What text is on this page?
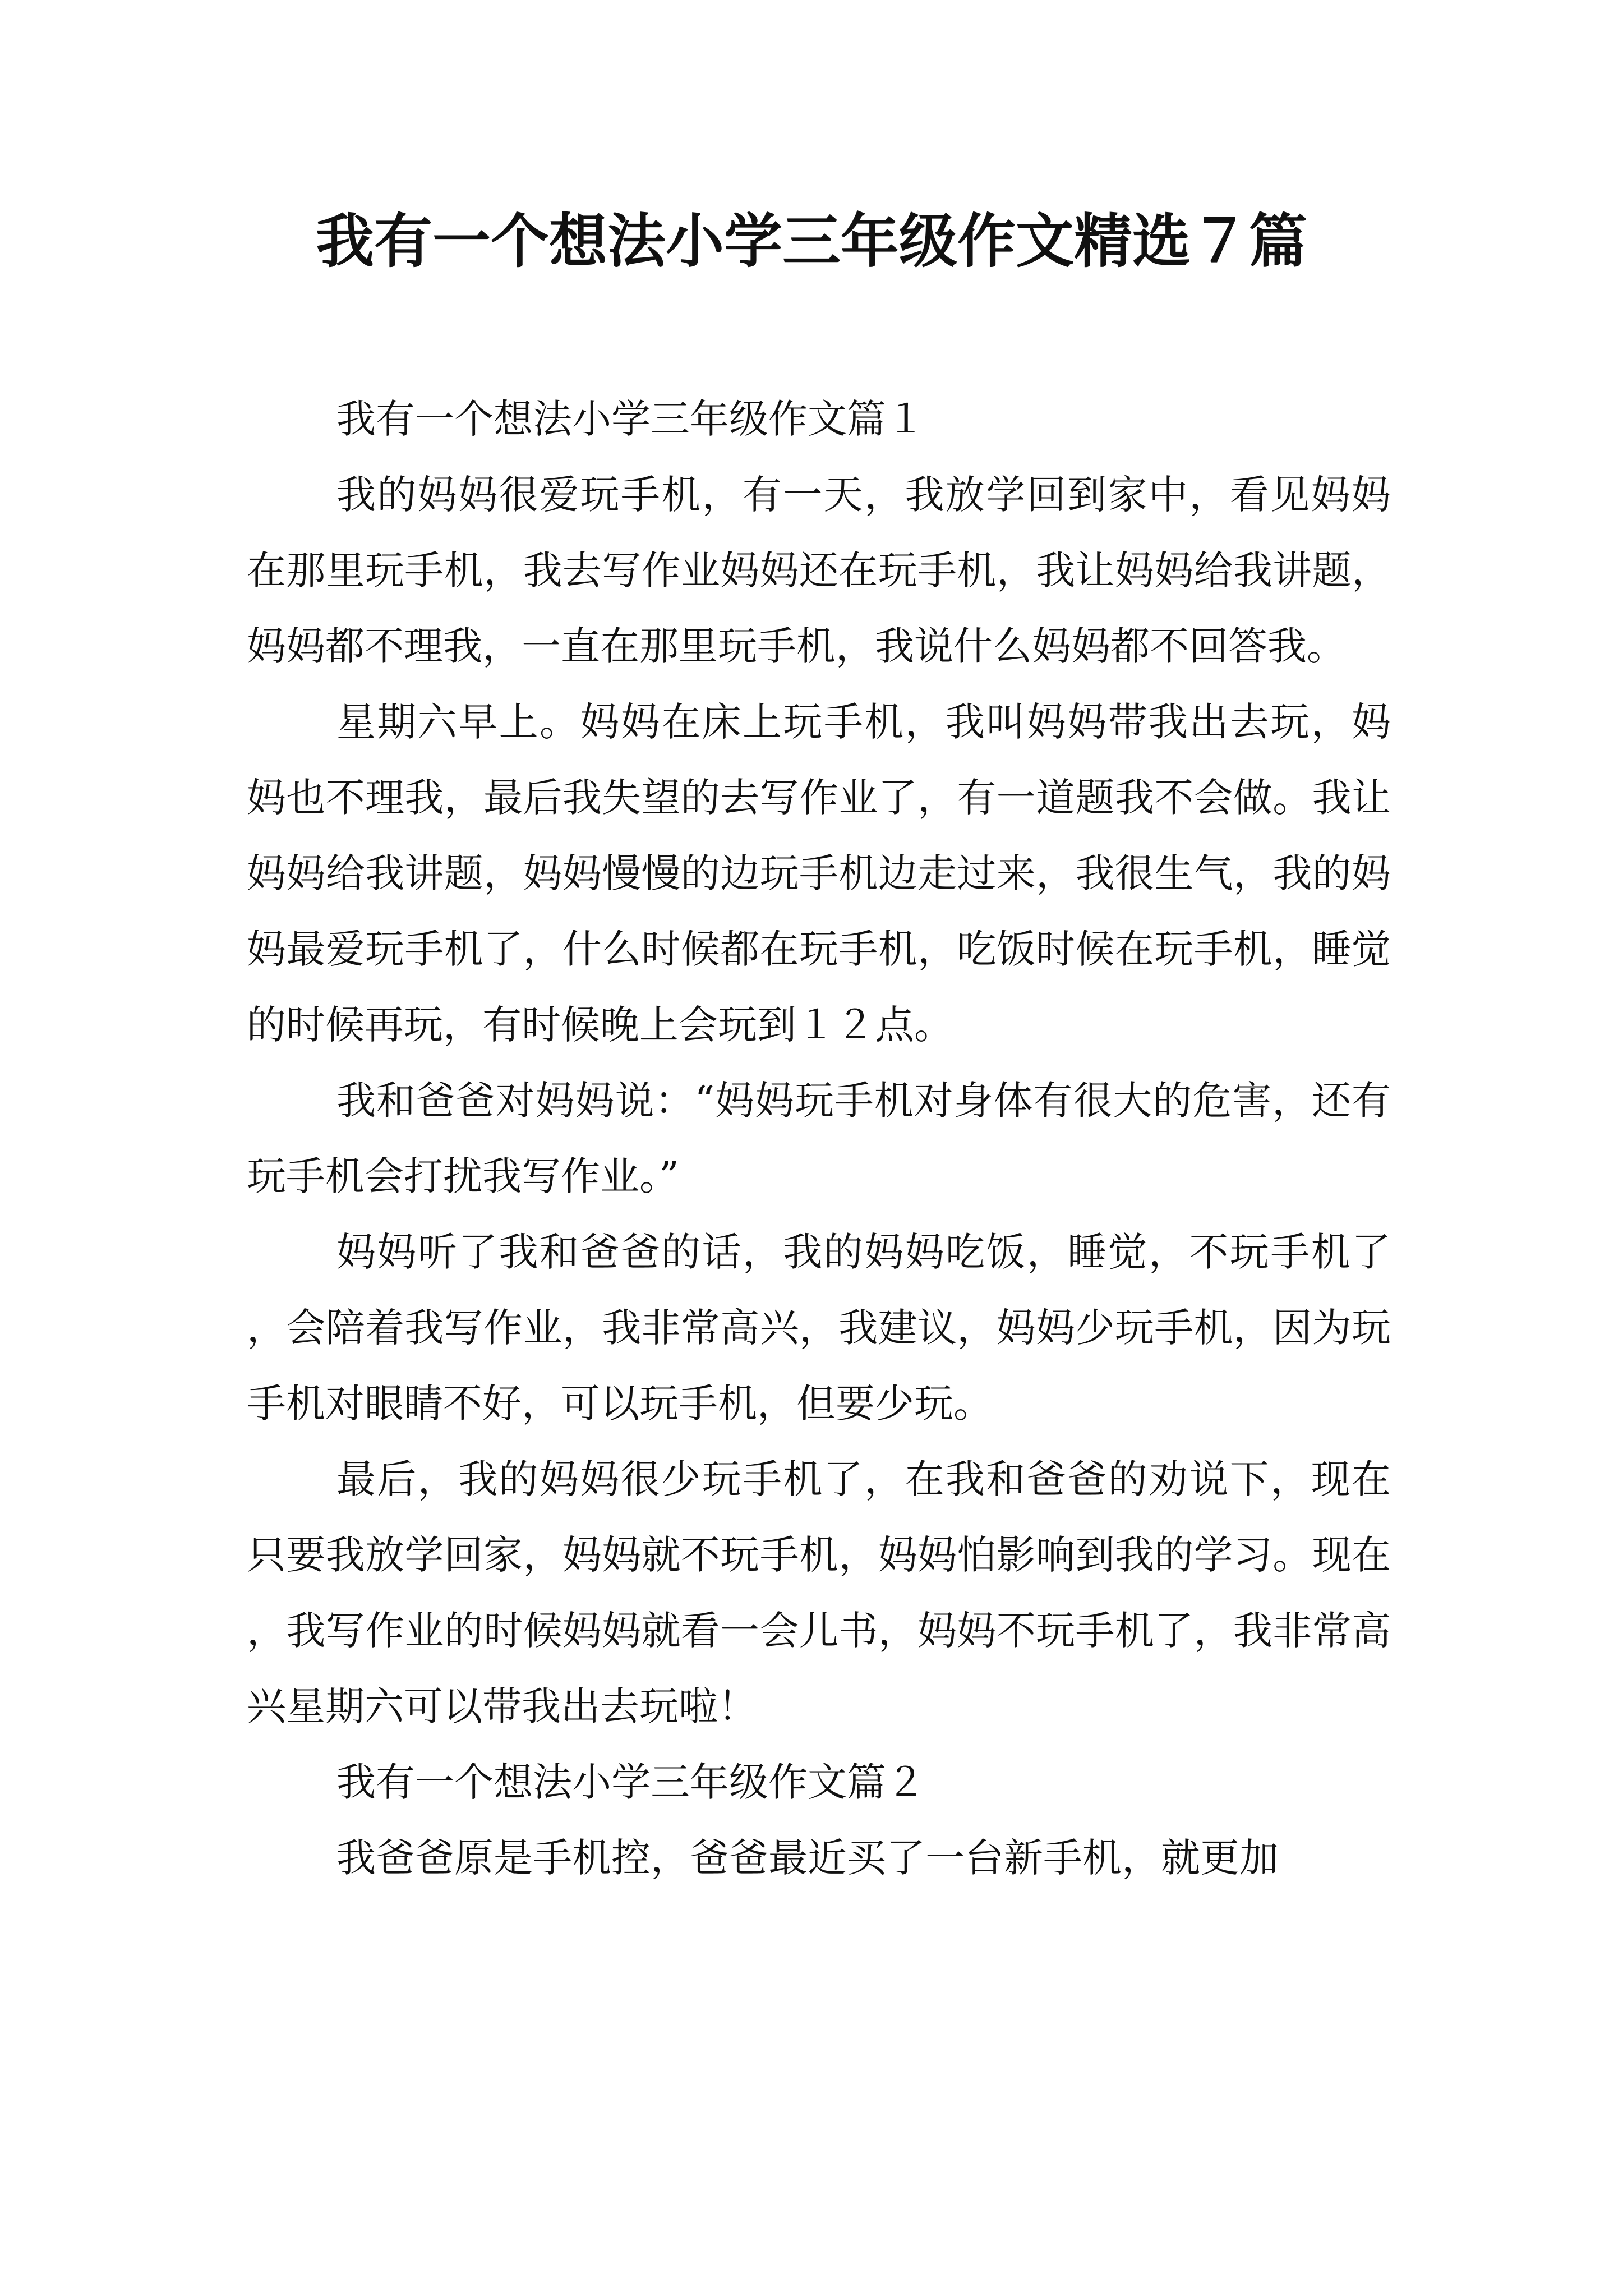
我有一个想法小学三年级作文精选７篇

我有一个想法小学三年级作文篇１

我的妈妈很爱玩手机，有一天，我放学回到家中，看见妈妈在那里玩手机，我去写作业妈妈还在玩手机，我让妈妈给我讲题，妈妈都不理我，一直在那里玩手机，我说什么妈妈都不回答我。

星期六早上。妈妈在床上玩手机，我叫妈妈带我出去玩，妈妈也不理我，最后我失望的去写作业了，有一道题我不会做。我让妈妈给我讲题，妈妈慢慢的边玩手机边走过来，我很生气，我的妈妈最爱玩手机了，什么时候都在玩手机，吃饭时候在玩手机，睡觉的时候再玩，有时候晚上会玩到１２点。

我和爸爸对妈妈说：“妈妈玩手机对身体有很大的危害，还有玩手机会打扰我写作业。”

妈妈听了我和爸爸的话，我的妈妈吃饭，睡觉，不玩手机了，会陪着我写作业，我非常高兴，我建议，妈妈少玩手机，因为玩手机对眼睛不好，可以玩手机，但要少玩。

最后，我的妈妈很少玩手机了，在我和爸爸的劝说下，现在只要我放学回家，妈妈就不玩手机，妈妈怕影响到我的学习。现在，我写作业的时候妈妈就看一会儿书，妈妈不玩手机了，我非常高兴星期六可以带我出去玩啦！

我有一个想法小学三年级作文篇２

我爸爸原是手机控，爸爸最近买了一台新手机，就更加
